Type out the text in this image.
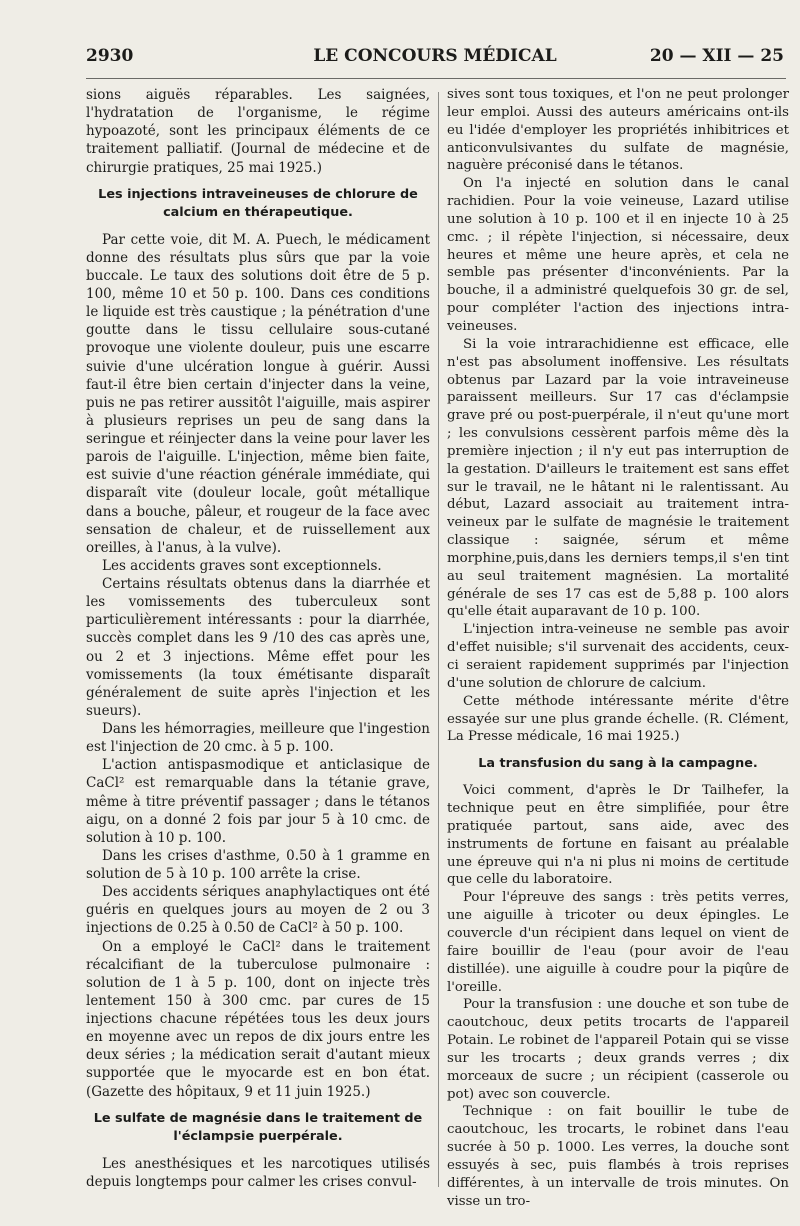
2930	LE CONCOURS MÉDICAL	20 — XII — 25

sions aiguës réparables. Les saignées, l'hydratation de l'organisme, le régime hypoazoté, sont les principaux éléments de ce traitement palliatif. (Journal de médecine et de chirurgie pratiques, 25 mai 1925.)

Les injections intraveineuses de chlorure de calcium en thérapeutique.

Par cette voie, dit M. A. Puech, le médicament donne des résultats plus sûrs que par la voie buccale. Le taux des solutions doit être de 5 p. 100, même 10 et 50 p. 100. Dans ces conditions le liquide est très caustique ; la pénétration d'une goutte dans le tissu cellulaire sous-cutané provoque une violente douleur, puis une escarre suivie d'une ulcération longue à guérir. Aussi faut-il être bien certain d'injecter dans la veine, puis ne pas retirer aussitôt l'aiguille, mais aspirer à plusieurs reprises un peu de sang dans la seringue et réinjecter dans la veine pour laver les parois de l'aiguille. L'injection, même bien faite, est suivie d'une réaction générale immédiate, qui disparaît vite (douleur locale, goût métallique dans a bouche, pâleur, et rougeur de la face avec sensation de chaleur, et de ruissellement aux oreilles, à l'anus, à la vulve).

Les accidents graves sont exceptionnels.

Certains résultats obtenus dans la diarrhée et les vomissements des tuberculeux sont particulièrement intéressants : pour la diarrhée, succès complet dans les 9 /10 des cas après une, ou 2 et 3 injections. Même effet pour les vomissements (la toux émétisante disparaît généralement de suite après l'injection et les sueurs).

Dans les hémorragies, meilleure que l'ingestion est l'injection de 20 cmc. à 5 p. 100.

L'action antispasmodique et anticlasique de CaCl² est remarquable dans la tétanie grave, même à titre préventif passager ; dans le tétanos aigu, on a donné 2 fois par jour 5 à 10 cmc. de solution à 10 p. 100.

Dans les crises d'asthme, 0.50 à 1 gramme en solution de 5 à 10 p. 100 arrête la crise.

Des accidents sériques anaphylactiques ont été guéris en quelques jours au moyen de 2 ou 3 injections de 0.25 à 0.50 de CaCl² à 50 p. 100.

On a employé le CaCl² dans le traitement récalcifiant de la tuberculose pulmonaire : solution de 1 à 5 p. 100, dont on injecte très lentement 150 à 300 cmc. par cures de 15 injections chacune répétées tous les deux jours en moyenne avec un repos de dix jours entre les deux séries ; la médication serait d'autant mieux supportée que le myocarde est en bon état. (Gazette des hôpitaux, 9 et 11 juin 1925.)

Le sulfate de magnésie dans le traitement de l'éclampsie puerpérale.

Les anesthésiques et les narcotiques utilisés depuis longtemps pour calmer les crises convul-

sives sont tous toxiques, et l'on ne peut prolonger leur emploi. Aussi des auteurs américains ont-ils eu l'idée d'employer les propriétés inhibitrices et anticonvulsivantes du sulfate de magnésie, naguère préconisé dans le tétanos.

On l'a injecté en solution dans le canal rachidien. Pour la voie veineuse, Lazard utilise une solution à 10 p. 100 et il en injecte 10 à 25 cmc. ; il répète l'injection, si nécessaire, deux heures et même une heure après, et cela ne semble pas présenter d'inconvénients. Par la bouche, il a administré quelquefois 30 gr. de sel, pour compléter l'action des injections intra-veineuses.

Si la voie intrarachidienne est efficace, elle n'est pas absolument inoffensive. Les résultats obtenus par Lazard par la voie intraveineuse paraissent meilleurs. Sur 17 cas d'éclampsie grave pré ou post-puerpérale, il n'eut qu'une mort ; les convulsions cessèrent parfois même dès la première injection ; il n'y eut pas interruption de la gestation. D'ailleurs le traitement est sans effet sur le travail, ne le hâtant ni le ralentissant. Au début, Lazard associait au traitement intra-veineux par le sulfate de magnésie le traitement classique : saignée, sérum et même morphine,puis,dans les derniers temps,il s'en tint au seul traitement magnésien. La mortalité générale de ses 17 cas est de 5,88 p. 100 alors qu'elle était auparavant de 10 p. 100.

L'injection intra-veineuse ne semble pas avoir d'effet nuisible; s'il survenait des accidents, ceux-ci seraient rapidement supprimés par l'injection d'une solution de chlorure de calcium.

Cette méthode intéressante mérite d'être essayée sur une plus grande échelle. (R. Clément, La Presse médicale, 16 mai 1925.)

La transfusion du sang à la campagne.

Voici comment, d'après le Dr Tailhefer, la technique peut en être simplifiée, pour être pratiquée partout, sans aide, avec des instruments de fortune en faisant au préalable une épreuve qui n'a ni plus ni moins de certitude que celle du laboratoire.

Pour l'épreuve des sangs : très petits verres, une aiguille à tricoter ou deux épingles. Le couvercle d'un récipient dans lequel on vient de faire bouillir de l'eau (pour avoir de l'eau distillée). une aiguille à coudre pour la piqûre de l'oreille.

Pour la transfusion : une douche et son tube de caoutchouc, deux petits trocarts de l'appareil Potain. Le robinet de l'appareil Potain qui se visse sur les trocarts ; deux grands verres ; dix morceaux de sucre ; un récipient (casserole ou pot) avec son couvercle.

Technique : on fait bouillir le tube de caoutchouc, les trocarts, le robinet dans l'eau sucrée à 50 p. 1000. Les verres, la douche sont essuyés à sec, puis flambés à trois reprises différentes, à un intervalle de trois minutes. On visse un tro-
